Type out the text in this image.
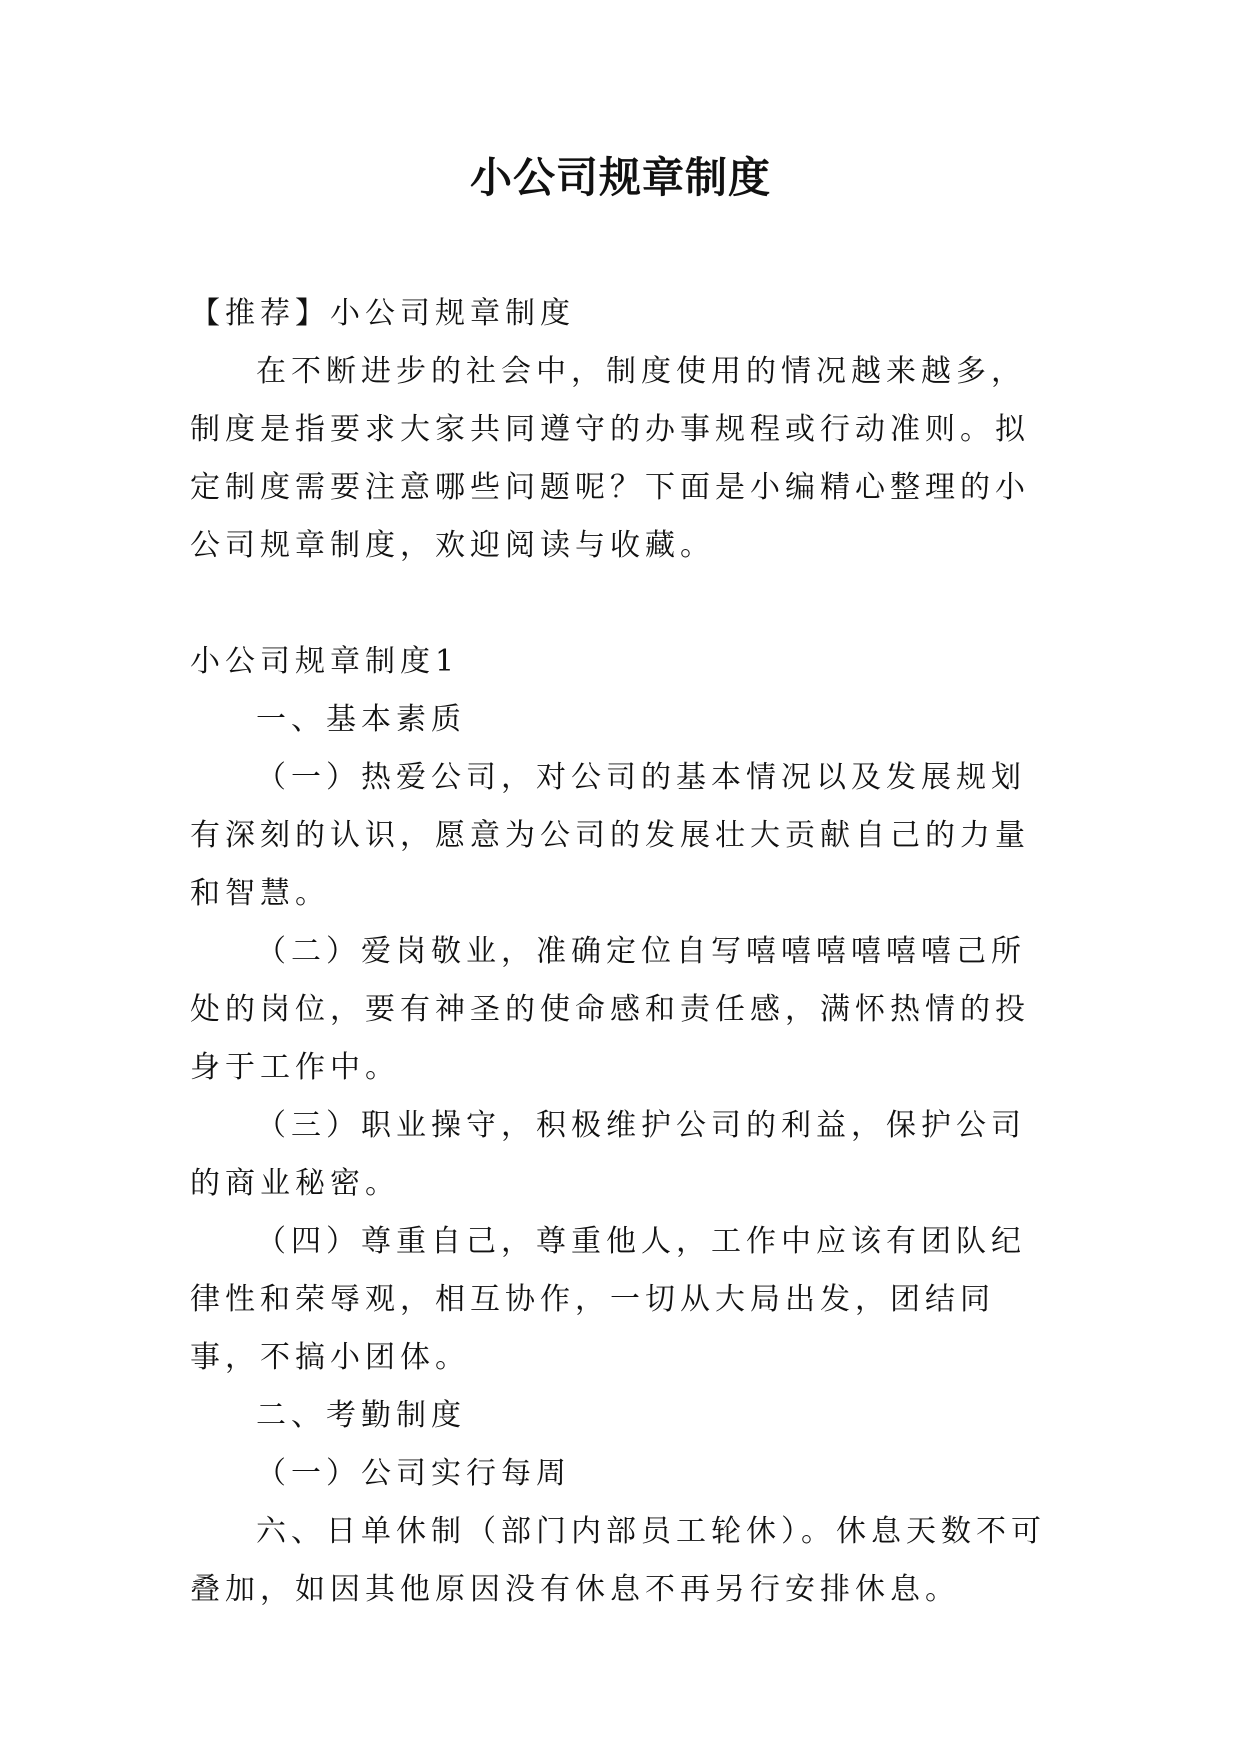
小公司规章制度

【推荐】小公司规章制度

在不断进步的社会中，制度使用的情况越来越多，制度是指要求大家共同遵守的办事规程或行动准则。拟定制度需要注意哪些问题呢？下面是小编精心整理的小公司规章制度，欢迎阅读与收藏。

小公司规章制度1

一、基本素质

（一）热爱公司，对公司的基本情况以及发展规划有深刻的认识，愿意为公司的发展壮大贡献自己的力量和智慧。

（二）爱岗敬业，准确定位自写嘻嘻嘻嘻嘻嘻己所处的岗位，要有神圣的使命感和责任感，满怀热情的投身于工作中。

（三）职业操守，积极维护公司的利益，保护公司的商业秘密。

（四）尊重自己，尊重他人，工作中应该有团队纪律性和荣辱观，相互协作，一切从大局出发，团结同事，不搞小团体。

二、考勤制度

（一）公司实行每周

六、日单休制（部门内部员工轮休）。休息天数不可叠加，如因其他原因没有休息不再另行安排休息。
